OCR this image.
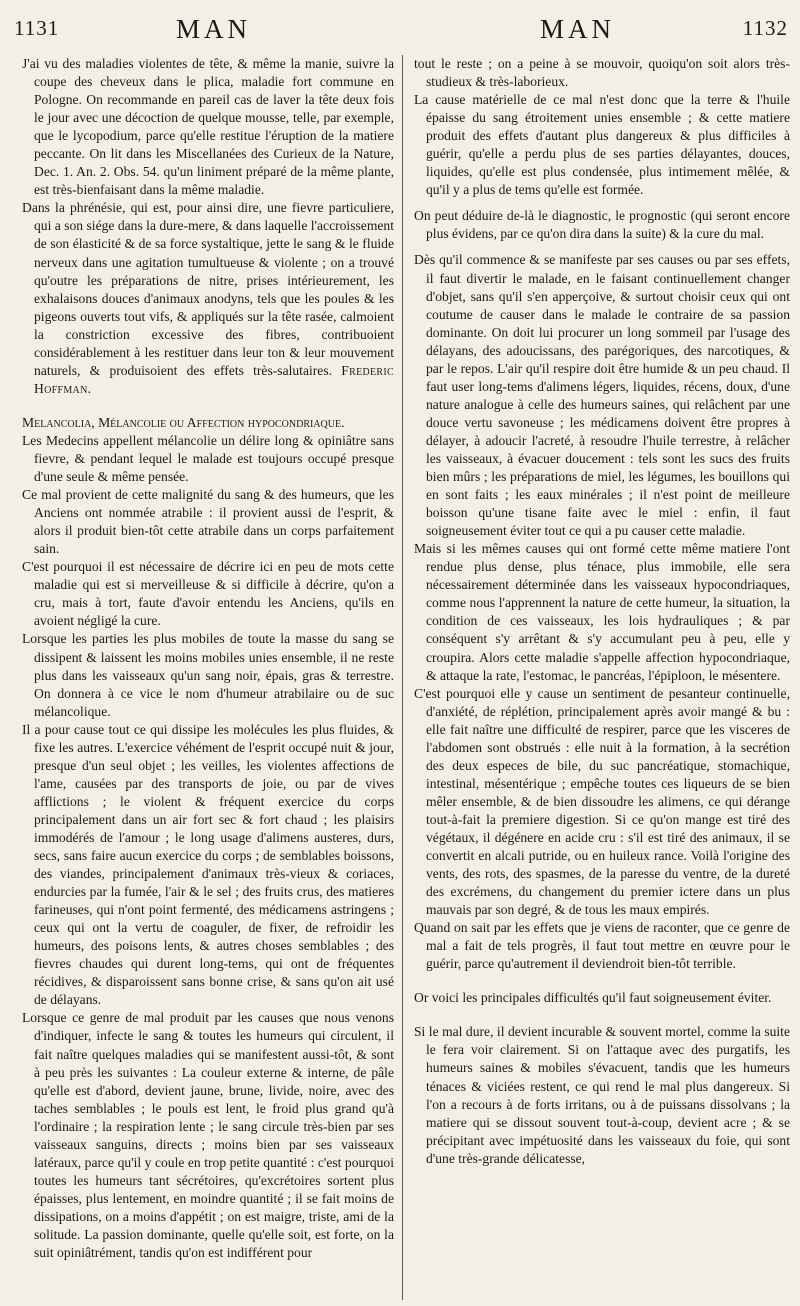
1131	MAN	MAN	1132

J'ai vu des maladies violentes de tête, & même la manie, suivre la coupe des cheveux dans le plica, maladie fort commune en Pologne. On recommande en pareil cas de laver la tête deux fois le jour avec une décoction de quelque mousse, telle, par exemple, que le lycopodium, parce qu'elle restitue l'éruption de la matiere peccante. On lit dans les Miscellanées des Curieux de la Nature, Dec. 1. An. 2. Obs. 54. qu'un liniment préparé de la même plante, est très-bienfaisant dans la même maladie.

Dans la phrénésie, qui est, pour ainsi dire, une fievre particuliere, qui a son siége dans la dure-mere, & dans laquelle l'accroissement de son élasticité & de sa force systaltique, jette le sang & le fluide nerveux dans une agitation tumultueuse & violente ; on a trouvé qu'outre les préparations de nitre, prises intérieurement, les exhalaisons douces d'animaux anodyns, tels que les poules & les pigeons ouverts tout vifs, & appliqués sur la tête rasée, calmoient la constriction excessive des fibres, contribuoient considérablement à les restituer dans leur ton & leur mouvement naturels, & produisoient des effets très-salutaires. Frederic Hoffman.

Melancolia, Mélancolie ou Affection hypocondriaque.

Les Medecins appellent mélancolie un délire long & opiniâtre sans fievre, & pendant lequel le malade est toujours occupé presque d'une seule & même pensée.

Ce mal provient de cette malignité du sang & des humeurs, que les Anciens ont nommée atrabile : il provient aussi de l'esprit, & alors il produit bien-tôt cette atrabile dans un corps parfaitement sain.

C'est pourquoi il est nécessaire de décrire ici en peu de mots cette maladie qui est si merveilleuse & si difficile à décrire, qu'on a cru, mais à tort, faute d'avoir entendu les Anciens, qu'ils en avoient négligé la cure.

Lorsque les parties les plus mobiles de toute la masse du sang se dissipent & laissent les moins mobiles unies ensemble, il ne reste plus dans les vaisseaux qu'un sang noir, épais, gras & terrestre. On donnera à ce vice le nom d'humeur atrabilaire ou de suc mélancolique.

Il a pour cause tout ce qui dissipe les molécules les plus fluides, & fixe les autres. L'exercice véhément de l'esprit occupé nuit & jour, presque d'un seul objet ; les veilles, les violentes affections de l'ame, causées par des transports de joie, ou par de vives afflictions ; le violent & fréquent exercice du corps principalement dans un air fort sec & fort chaud ; les plaisirs immodérés de l'amour ; le long usage d'alimens austeres, durs, secs, sans faire aucun exercice du corps ; de semblables boissons, des viandes, principalement d'animaux très-vieux & coriaces, endurcies par la fumée, l'air & le sel ; des fruits crus, des matieres farineuses, qui n'ont point fermenté, des médicamens astringens ; ceux qui ont la vertu de coaguler, de fixer, de refroidir les humeurs, des poisons lents, & autres choses semblables ; des fievres chaudes qui durent long-tems, qui ont de fréquentes récidives, & disparoissent sans bonne crise, & sans qu'on ait usé de délayans.

Lorsque ce genre de mal produit par les causes que nous venons d'indiquer, infecte le sang & toutes les humeurs qui circulent, il fait naître quelques maladies qui se manifestent aussi-tôt, & sont à peu près les suivantes : La couleur externe & interne, de pâle qu'elle est d'abord, devient jaune, brune, livide, noire, avec des taches semblables ; le pouls est lent, le froid plus grand qu'à l'ordinaire ; la respiration lente ; le sang circule très-bien par ses vaisseaux sanguins, directs ; moins bien par ses vaisseaux latéraux, parce qu'il y coule en trop petite quantité : c'est pourquoi toutes les humeurs tant sécrétoires, qu'excrétoires sortent plus épaisses, plus lentement, en moindre quantité ; il se fait moins de dissipations, on a moins d'appétit ; on est maigre, triste, ami de la solitude. La passion dominante, quelle qu'elle soit, est forte, on la suit opiniâtrément, tandis qu'on est indifférent pour

tout le reste ; on a peine à se mouvoir, quoiqu'on soit alors très-studieux & très-laborieux.

La cause matérielle de ce mal n'est donc que la terre & l'huile épaisse du sang étroitement unies ensemble ; & cette matiere produit des effets d'autant plus dangereux & plus difficiles à guérir, qu'elle a perdu plus de ses parties délayantes, douces, liquides, qu'elle est plus condensée, plus intimement mêlée, & qu'il y a plus de tems qu'elle est formée.

On peut déduire de-là le diagnostic, le prognostic (qui seront encore plus évidens, par ce qu'on dira dans la suite) & la cure du mal.

Dès qu'il commence & se manifeste par ses causes ou par ses effets, il faut divertir le malade, en le faisant continuellement changer d'objet, sans qu'il s'en apperçoive, & surtout choisir ceux qui ont coutume de causer dans le malade le contraire de sa passion dominante. On doit lui procurer un long sommeil par l'usage des délayans, des adoucissans, des parégoriques, des narcotiques, & par le repos. L'air qu'il respire doit être humide & un peu chaud. Il faut user long-tems d'alimens légers, liquides, récens, doux, d'une nature analogue à celle des humeurs saines, qui relâchent par une douce vertu savoneuse ; les médicamens doivent être propres à délayer, à adoucir l'acreté, à resoudre l'huile terrestre, à relâcher les vaisseaux, à évacuer doucement : tels sont les sucs des fruits bien mûrs ; les préparations de miel, les légumes, les bouillons qui en sont faits ; les eaux minérales ; il n'est point de meilleure boisson qu'une tisane faite avec le miel : enfin, il faut soigneusement éviter tout ce qui a pu causer cette maladie.

Mais si les mêmes causes qui ont formé cette même matiere l'ont rendue plus dense, plus ténace, plus immobile, elle sera nécessairement déterminée dans les vaisseaux hypocondriaques, comme nous l'apprennent la nature de cette humeur, la situation, la condition de ces vaisseaux, les lois hydrauliques ; & par conséquent s'y arrêtant & s'y accumulant peu à peu, elle y croupira. Alors cette maladie s'appelle affection hypocondriaque, & attaque la rate, l'estomac, le pancréas, l'épiploon, le mésentere.

C'est pourquoi elle y cause un sentiment de pesanteur continuelle, d'anxiété, de réplétion, principalement après avoir mangé & bu : elle fait naître une difficulté de respirer, parce que les visceres de l'abdomen sont obstrués : elle nuit à la formation, à la secrétion des deux especes de bile, du suc pancréatique, stomachique, intestinal, mésentérique ; empêche toutes ces liqueurs de se bien mêler ensemble, & de bien dissoudre les alimens, ce qui dérange tout-à-fait la premiere digestion. Si ce qu'on mange est tiré des végétaux, il dégénere en acide cru : s'il est tiré des animaux, il se convertit en alcali putride, ou en huileux rance. Voilà l'origine des vents, des rots, des spasmes, de la paresse du ventre, de la dureté des excrémens, du changement du premier ictere dans un plus mauvais par son degré, & de tous les maux empirés.

Quand on sait par les effets que je viens de raconter, que ce genre de mal a fait de tels progrès, il faut tout mettre en œuvre pour le guérir, parce qu'autrement il deviendroit bien-tôt terrible.

Or voici les principales difficultés qu'il faut soigneusement éviter.

Si le mal dure, il devient incurable & souvent mortel, comme la suite le fera voir clairement. Si on l'attaque avec des purgatifs, les humeurs saines & mobiles s'évacuent, tandis que les humeurs ténaces & viciées restent, ce qui rend le mal plus dangereux. Si l'on a recours à de forts irritans, ou à de puissans dissolvans ; la matiere qui se dissout souvent tout-à-coup, devient acre ; & se précipitant avec impétuosité dans les vaisseaux du foie, qui sont d'une très-grande délicatesse,
